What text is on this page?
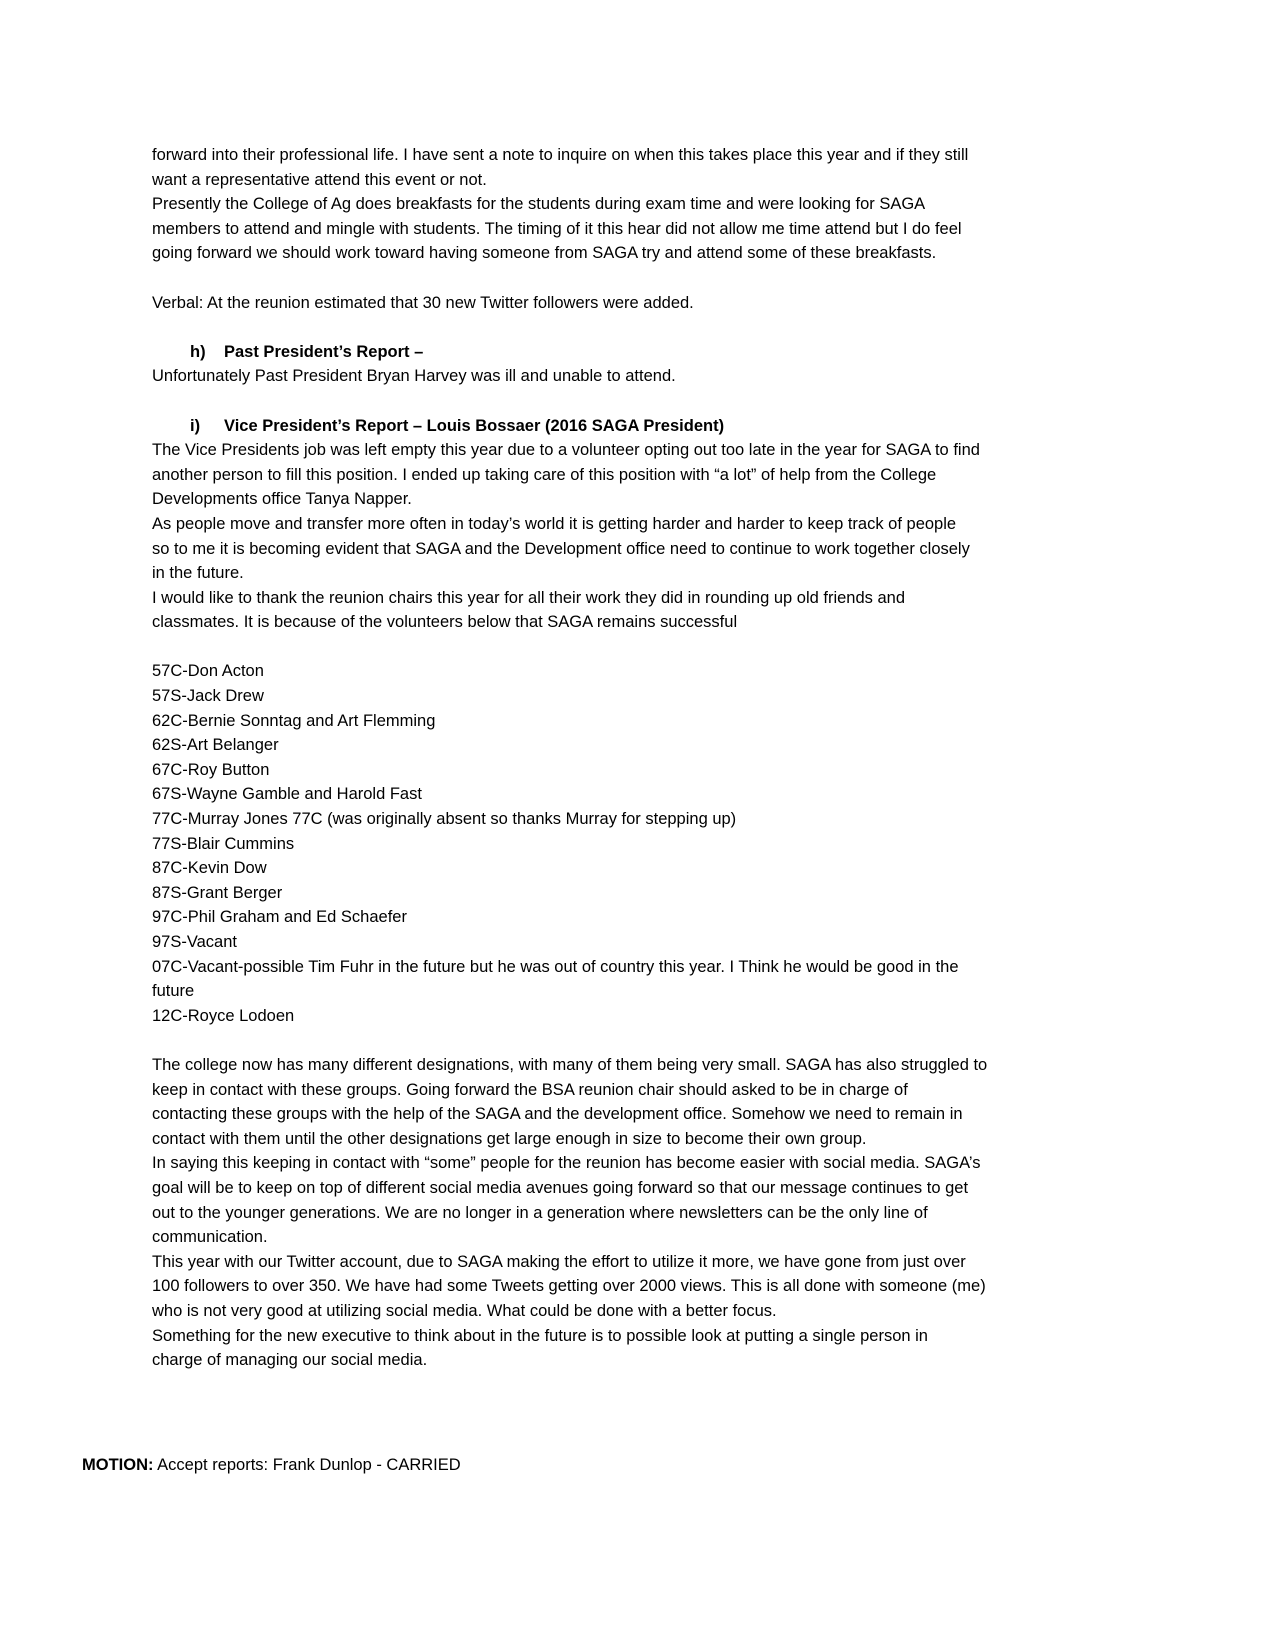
forward into their professional life. I have sent a note to inquire on when this takes place this year and if they still
want a representative attend this event or not.
Presently the College of Ag does breakfasts for the students during exam time and were looking for SAGA
members to attend and mingle with students. The timing of it this hear did not allow me time attend but I do feel
going forward we should work toward having someone from SAGA try and attend some of these breakfasts.
Verbal: At the reunion estimated that 30 new Twitter followers were added.
h) Past President’s Report –
Unfortunately Past President Bryan Harvey was ill and unable to attend.
i) Vice President’s Report – Louis Bossaer (2016 SAGA President)
The Vice Presidents job was left empty this year due to a volunteer opting out too late in the year for SAGA to find
another person to fill this position. I ended up taking care of this position with “a lot” of help from the College
Developments office Tanya Napper.
As people move and transfer more often in today’s world it is getting harder and harder to keep track of people
so to me it is becoming evident that SAGA and the Development office need to continue to work together closely
in the future.
I would like to thank the reunion chairs this year for all their work they did in rounding up old friends and
classmates. It is because of the volunteers below that SAGA remains successful
57C-Don Acton
57S-Jack Drew
62C-Bernie Sonntag and Art Flemming
62S-Art Belanger
67C-Roy Button
67S-Wayne Gamble and Harold Fast
77C-Murray Jones 77C (was originally absent so thanks Murray for stepping up)
77S-Blair Cummins
87C-Kevin Dow
87S-Grant Berger
97C-Phil Graham and Ed Schaefer
97S-Vacant
07C-Vacant-possible Tim Fuhr in the future but he was out of country this year. I Think he would be good in the
future
12C-Royce Lodoen
The college now has many different designations, with many of them being very small. SAGA has also struggled to
keep in contact with these groups. Going forward the BSA reunion chair should asked to be in charge of
contacting these groups with the help of the SAGA and the development office. Somehow we need to remain in
contact with them until the other designations get large enough in size to become their own group.
In saying this keeping in contact with “some” people for the reunion has become easier with social media. SAGA’s
goal will be to keep on top of different social media avenues going forward so that our message continues to get
out to the younger generations. We are no longer in a generation where newsletters can be the only line of
communication.
This year with our Twitter account, due to SAGA making the effort to utilize it more, we have gone from just over
100 followers to over 350. We have had some Tweets getting over 2000 views. This is all done with someone (me)
who is not very good at utilizing social media. What could be done with a better focus.
Something for the new executive to think about in the future is to possible look at putting a single person in
charge of managing our social media.
MOTION: Accept reports: Frank Dunlop - CARRIED
